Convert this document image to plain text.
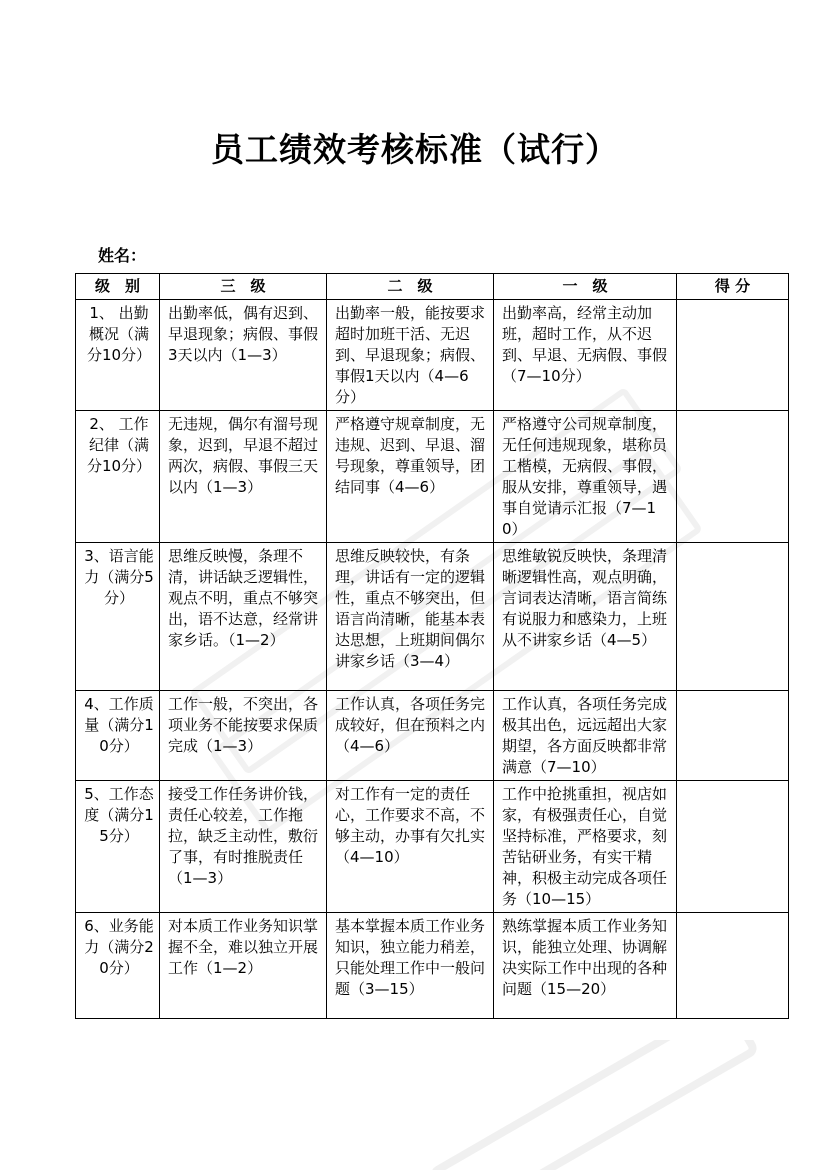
员工绩效考核标准（试行）
姓名：
级　别	三　级	二　级	一　级	得 分
1、 出勤概况（满分10分）	出勤率低，偶有迟到、早退现象；病假、事假3天以内（1—3）	出勤率一般，能按要求超时加班干活、无迟到、早退现象；病假、事假1天以内（4—6分）	出勤率高，经常主动加班，超时工作，从不迟到、早退、无病假、事假（7—10分）	
2、 工作纪律（满分10分）	无违规，偶尔有溜号现象，迟到，早退不超过两次，病假、事假三天以内（1—3）	严格遵守规章制度，无违规、迟到、早退、溜号现象，尊重领导，团结同事（4—6）	严格遵守公司规章制度，无任何违规现象，堪称员工楷模，无病假、事假，服从安排，尊重领导，遇事自觉请示汇报（7—10）	
3、语言能力（满分5分）	思维反映慢，条理不清，讲话缺乏逻辑性，观点不明，重点不够突出，语不达意，经常讲家乡话。（1—2）	思维反映较快，有条理，讲话有一定的逻辑性，重点不够突出，但语言尚清晰，能基本表达思想，上班期间偶尔讲家乡话（3—4）	思维敏锐反映快，条理清晰逻辑性高，观点明确，言词表达清晰，语言简练有说服力和感染力，上班从不讲家乡话（4—5）	
4、工作质量（满分10分）	工作一般，不突出，各项业务不能按要求保质完成（1—3）	工作认真，各项任务完成较好，但在预料之内（4—6）	工作认真，各项任务完成极其出色，远远超出大家期望，各方面反映都非常满意（7—10）	
5、工作态度（满分15分）	接受工作任务讲价钱，责任心较差，工作拖拉，缺乏主动性，敷衍了事，有时推脱责任（1—3）	对工作有一定的责任心，工作要求不高，不够主动，办事有欠扎实（4—10）	工作中抢挑重担，视店如家，有极强责任心，自觉坚持标准，严格要求，刻苦钻研业务，有实干精神，积极主动完成各项任务（10—15）	
6、业务能力（满分20分）	对本质工作业务知识掌握不全，难以独立开展工作（1—2）	基本掌握本质工作业务知识，独立能力稍差，只能处理工作中一般问题（3—15）	熟练掌握本质工作业务知识，能独立处理、协调解决实际工作中出现的各种问题（15—20）	
